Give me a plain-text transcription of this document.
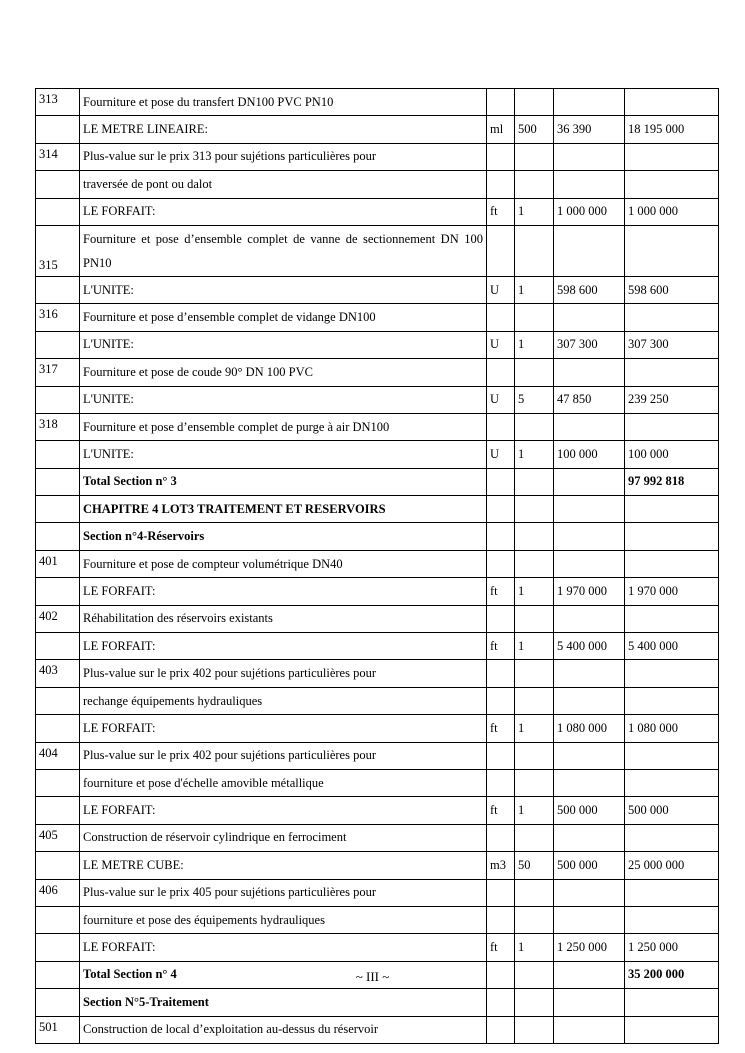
313	Fourniture et pose du transfert DN100 PVC PN10				
	LE METRE LINEAIRE:	ml	500	36 390	18 195 000
314	Plus-value sur le prix 313 pour sujétions particulières pour				
	traversée de pont ou dalot				
	LE FORFAIT:	ft	1	1 000 000	1 000 000
315	Fourniture et pose d’ensemble complet de vanne de sectionnement DN 100 PN10				
	L'UNITE:	U	1	598 600	598 600
316	Fourniture et pose d’ensemble complet de vidange DN100				
	L'UNITE:	U	1	307 300	307 300
317	Fourniture et pose de coude 90° DN 100 PVC				
	L'UNITE:	U	5	47 850	239 250
318	Fourniture et pose d’ensemble complet de purge à air DN100				
	L'UNITE:	U	1	100 000	100 000
	Total Section n° 3				97 992 818
	CHAPITRE 4 LOT3 TRAITEMENT ET RESERVOIRS				
	Section n°4-Réservoirs				
401	Fourniture et pose de compteur volumétrique DN40				
	LE FORFAIT:	ft	1	1 970 000	1 970 000
402	Réhabilitation des réservoirs existants				
	LE FORFAIT:	ft	1	5 400 000	5 400 000
403	Plus-value sur le prix 402 pour sujétions particulières pour				
	rechange équipements hydrauliques				
	LE FORFAIT:	ft	1	1 080 000	1 080 000
404	Plus-value sur le prix 402 pour sujétions particulières pour				
	fourniture et pose d'échelle amovible métallique				
	LE FORFAIT:	ft	1	500 000	500 000
405	Construction de réservoir cylindrique en ferrociment				
	LE METRE CUBE:	m3	50	500 000	25 000 000
406	Plus-value sur le prix 405 pour sujétions particulières pour				
	fourniture et pose des équipements hydrauliques				
	LE FORFAIT:	ft	1	1 250 000	1 250 000
	Total Section n° 4				35 200 000
	Section N°5-Traitement				
501	Construction de local d’exploitation au-dessus du réservoir				
~ III ~
